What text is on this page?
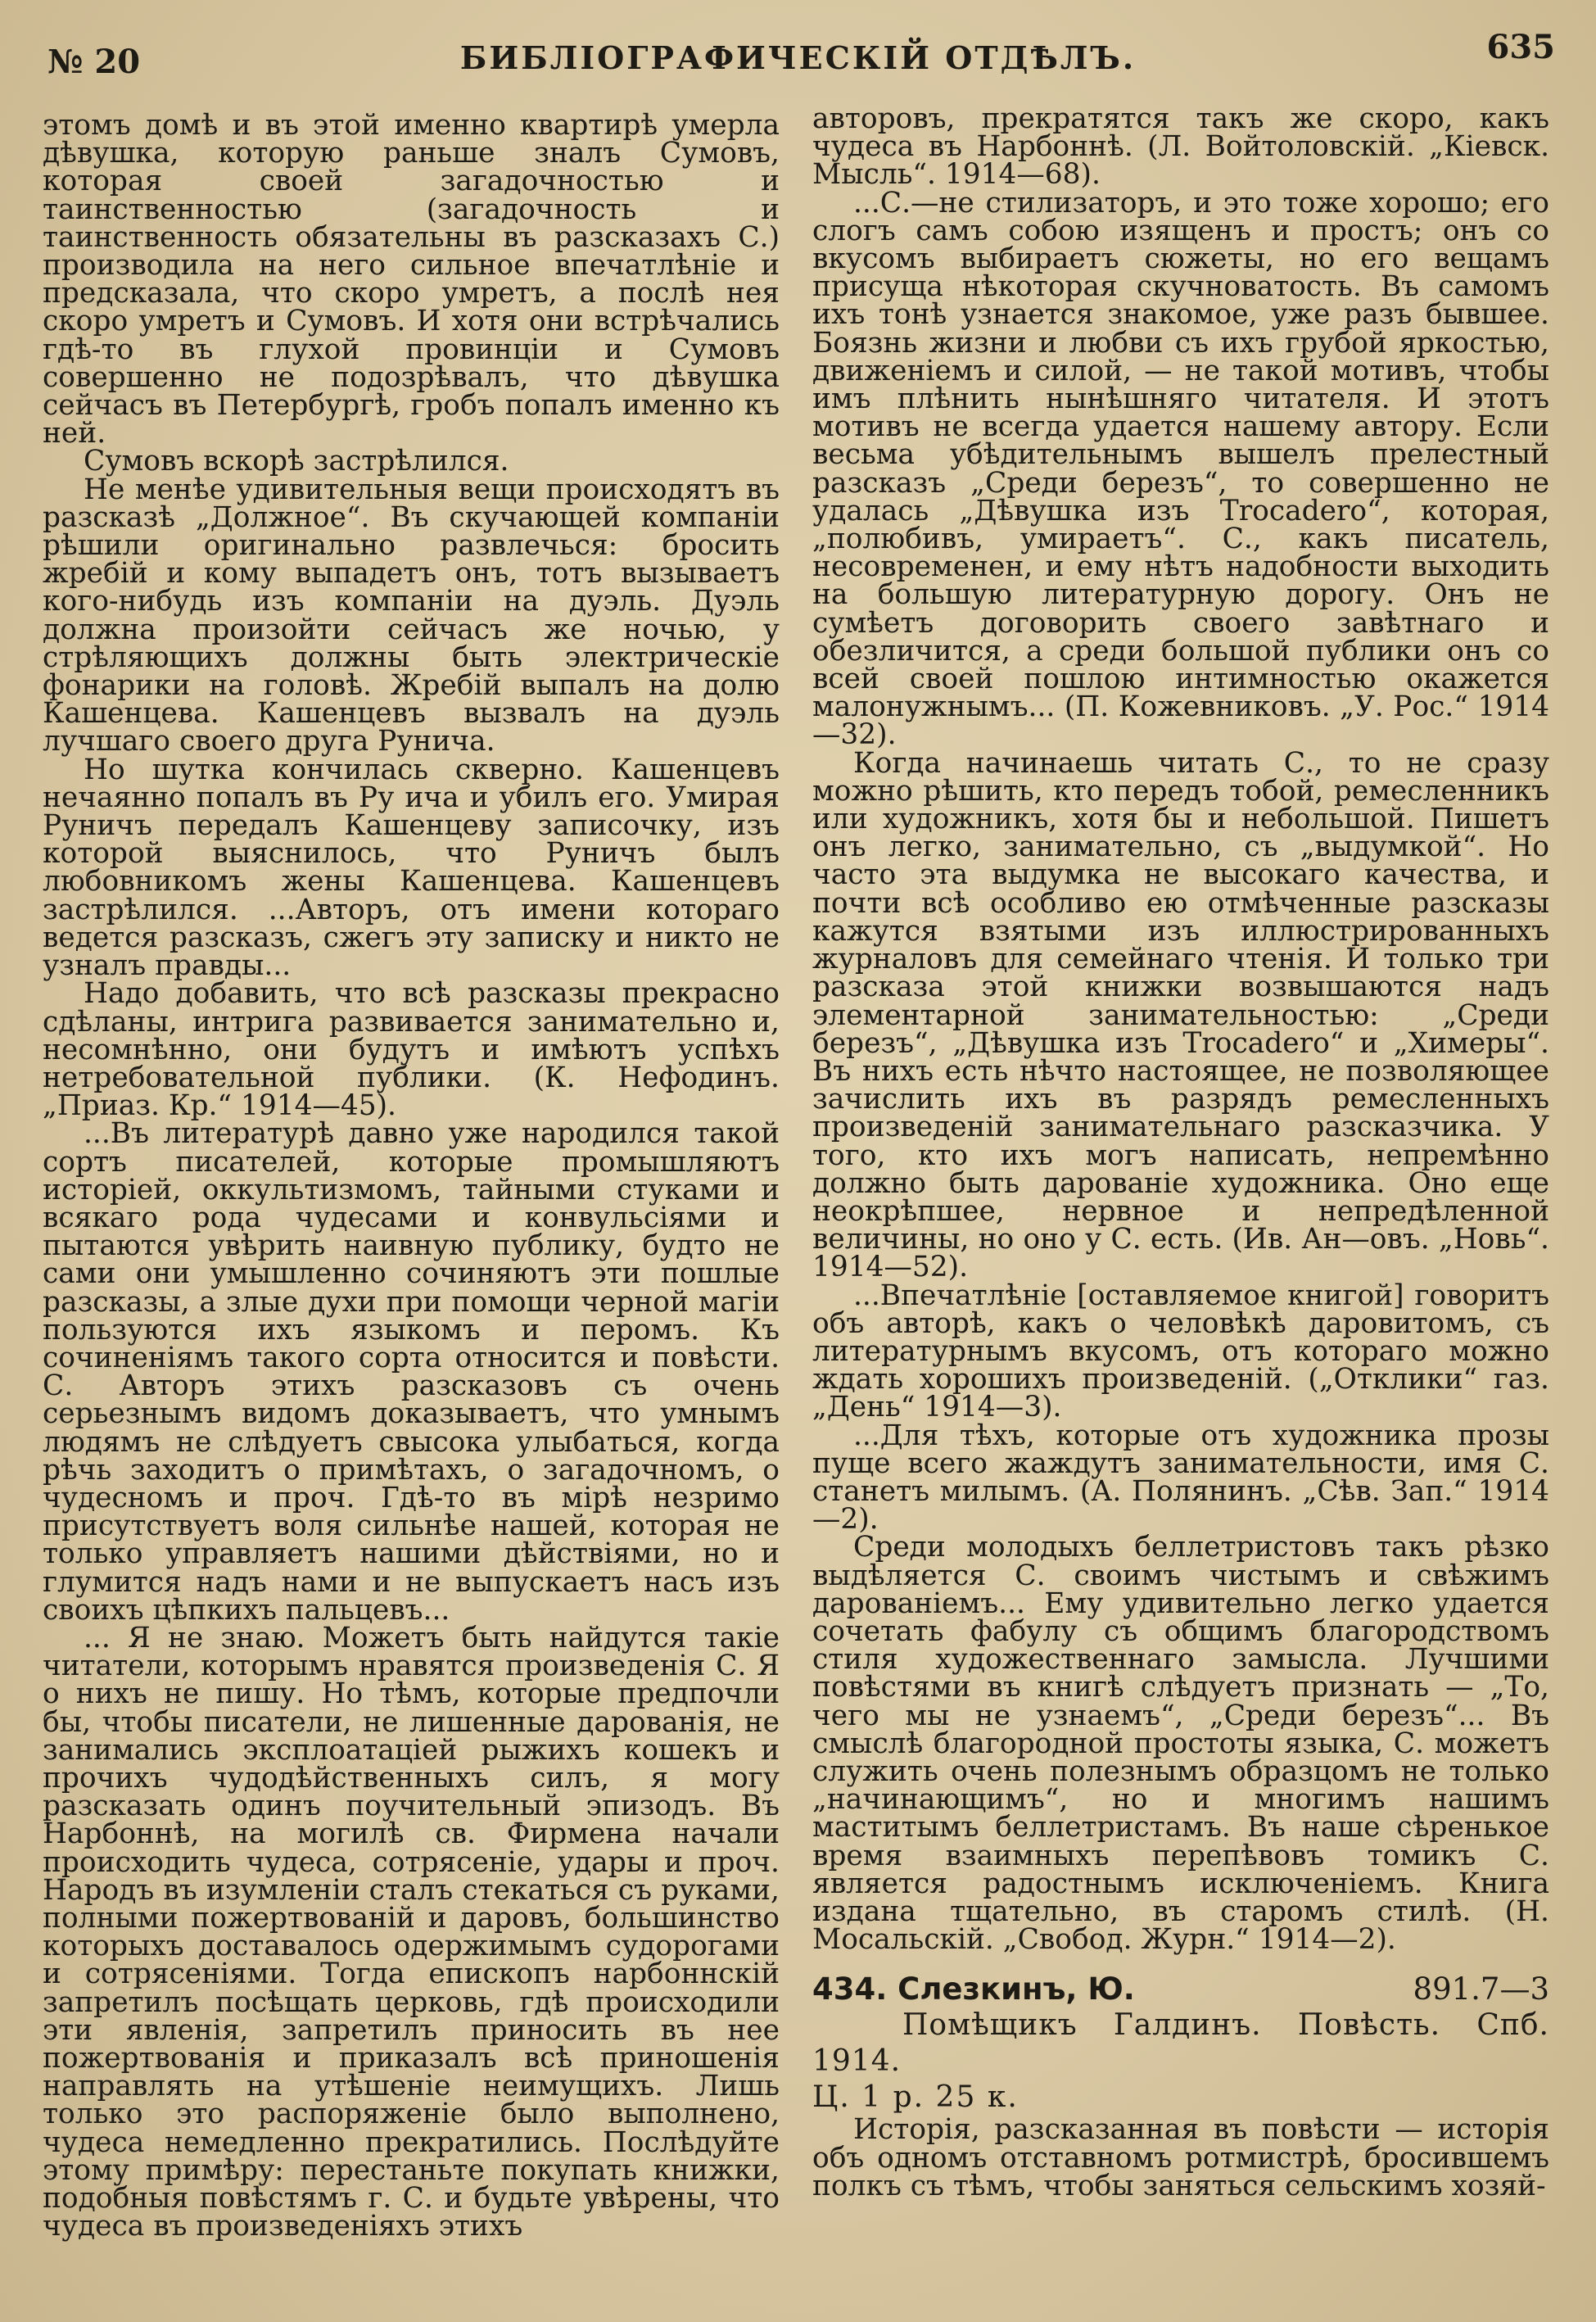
№ 20	БИБЛІОГРАФИЧЕСКІЙ ОТДѢЛЪ.	635

этомъ домѣ и въ этой именно квартирѣ умерла дѣвушка, которую раньше зналъ Сумовъ, которая своей загадочностью и таинственностью (загадочность и таинственность обязательны въ разсказахъ С.) производила на него сильное впечатлѣніе и предсказала, что скоро умретъ, а послѣ нея скоро умретъ и Сумовъ. И хотя они встрѣчались гдѣ-то въ глухой провинціи и Сумовъ совершенно не подозрѣвалъ, что дѣвушка сейчасъ въ Петербургѣ, гробъ попалъ именно къ ней.

Сумовъ вскорѣ застрѣлился.

Не менѣе удивительныя вещи происходятъ въ разсказѣ „Должное“. Въ скучающей компаніи рѣшили оригинально развлечься: бросить жребій и кому выпадетъ онъ, тотъ вызываетъ кого-нибудь изъ компаніи на дуэль. Дуэль должна произойти сейчасъ же ночью, у стрѣляющихъ должны быть электрическіе фонарики на головѣ. Жребій выпалъ на долю Кашенцева. Кашенцевъ вызвалъ на дуэль лучшаго своего друга Рунича.

Но шутка кончилась скверно. Кашенцевъ нечаянно попалъ въ Ру ича и убилъ его. Умирая Руничъ передалъ Кашенцеву записочку, изъ которой выяснилось, что Руничъ былъ любовникомъ жены Кашенцева. Кашенцевъ застрѣлился. ...Авторъ, отъ имени котораго ведется разсказъ, сжегъ эту записку и никто не узналъ правды...

Надо добавить, что всѣ разсказы прекрасно сдѣланы, интрига развивается занимательно и, несомнѣнно, они будутъ и имѣютъ успѣхъ нетребовательной публики. (К. Нефодинъ. „Приаз. Кр.“ 1914—45).

...Въ литературѣ давно уже народился такой сортъ писателей, которые промышляютъ исторіей, оккультизмомъ, тайными стуками и всякаго рода чудесами и конвульсіями и пытаются увѣрить наивную публику, будто не сами они умышленно сочиняютъ эти пошлые разсказы, а злые духи при помощи черной магіи пользуются ихъ языкомъ и перомъ. Къ сочиненіямъ такого сорта относится и повѣсти. С. Авторъ этихъ разсказовъ съ очень серьезнымъ видомъ доказываетъ, что умнымъ людямъ не слѣдуетъ свысока улыбаться, когда рѣчь заходитъ о примѣтахъ, о загадочномъ, о чудесномъ и проч. Гдѣ-то въ мірѣ незримо присутствуетъ воля сильнѣе нашей, которая не только управляетъ нашими дѣйствіями, но и глумится надъ нами и не выпускаетъ насъ изъ своихъ цѣпкихъ пальцевъ...

... Я не знаю. Можетъ быть найдутся такіе читатели, которымъ нравятся произведенія С. Я о нихъ не пишу. Но тѣмъ, которые предпочли бы, чтобы писатели, не лишенные дарованія, не занимались эксплоатаціей рыжихъ кошекъ и прочихъ чудодѣйственныхъ силъ, я могу разсказать одинъ поучительный эпизодъ. Въ Нарбоннѣ, на могилѣ св. Фирмена начали происходить чудеса, сотрясеніе, удары и проч. Народъ въ изумленіи сталъ стекаться съ руками, полными пожертвованій и даровъ, большинство которыхъ доставалось одержимымъ судорогами и сотрясеніями. Тогда епископъ нарбоннскій запретилъ посѣщать церковь, гдѣ происходили эти явленія, запретилъ приносить въ нее пожертвованія и приказалъ всѣ приношенія направлять на утѣшеніе неимущихъ. Лишь только это распоряженіе было выполнено, чудеса немедленно прекратились. Послѣдуйте этому примѣру: перестаньте покупать книжки, подобныя повѣстямъ г. С. и будьте увѣрены, что чудеса въ произведеніяхъ этихъ

авторовъ, прекратятся такъ же скоро, какъ чудеса въ Нарбоннѣ. (Л. Войтоловскій. „Кіевск. Мысль“. 1914—68).

...С.—не стилизаторъ, и это тоже хорошо; его слогъ самъ собою изященъ и простъ; онъ со вкусомъ выбираетъ сюжеты, но его вещамъ присуща нѣкоторая скучноватость. Въ самомъ ихъ тонѣ узнается знакомое, уже разъ бывшее. Боязнь жизни и любви съ ихъ грубой яркостью, движеніемъ и силой, — не такой мотивъ, чтобы имъ плѣнить нынѣшняго читателя. И этотъ мотивъ не всегда удается нашему автору. Если весьма убѣдительнымъ вышелъ прелестный разсказъ „Среди березъ“, то совершенно не удалась „Дѣвушка изъ Trocadero“, которая, „полюбивъ, умираетъ“. С., какъ писатель, несовременен, и ему нѣтъ надобности выходить на большую литературную дорогу. Онъ не сумѣетъ договорить своего завѣтнаго и обезличится, а среди большой публики онъ со всей своей пошлою интимностью окажется малонужнымъ... (П. Кожевниковъ. „У. Рос.“ 1914—32).

Когда начинаешь читать С., то не сразу можно рѣшить, кто передъ тобой, ремесленникъ или художникъ, хотя бы и небольшой. Пишетъ онъ легко, занимательно, съ „выдумкой“. Но часто эта выдумка не высокаго качества, и почти всѣ особливо ею отмѣченные разсказы кажутся взятыми изъ иллюстрированныхъ журналовъ для семейнаго чтенія. И только три разсказа этой книжки возвышаются надъ элементарной занимательностью: „Среди березъ“, „Дѣвушка изъ Trocadero“ и „Химеры“. Въ нихъ есть нѣчто настоящее, не позволяющее зачислить ихъ въ разрядъ ремесленныхъ произведеній занимательнаго разсказчика. У того, кто ихъ могъ написать, непремѣнно должно быть дарованіе художника. Оно еще неокрѣпшее, нервное и непредѣленной величины, но оно у С. есть. (Ив. Ан—овъ. „Новь“. 1914—52).

...Впечатлѣніе [оставляемое книгой] говоритъ объ авторѣ, какъ о человѣкѣ даровитомъ, съ литературнымъ вкусомъ, отъ котораго можно ждать хорошихъ произведеній. („Отклики“ газ. „День“ 1914—3).

...Для тѣхъ, которые отъ художника прозы пуще всего жаждутъ занимательности, имя С. станетъ милымъ. (А. Полянинъ. „Сѣв. Зап.“ 1914—2).

Среди молодыхъ беллетристовъ такъ рѣзко выдѣляется С. своимъ чистымъ и свѣжимъ дарованіемъ... Ему удивительно легко удается сочетать фабулу съ общимъ благородствомъ стиля художественнаго замысла. Лучшими повѣстями въ книгѣ слѣдуетъ признать — „То, чего мы не узнаемъ“, „Среди березъ“... Въ смыслѣ благородной простоты языка, С. можетъ служить очень полезнымъ образцомъ не только „начинающимъ“, но и многимъ нашимъ маститымъ беллетристамъ. Въ наше сѣренькое время взаимныхъ перепѣвовъ томикъ С. является радостнымъ исключеніемъ. Книга издана тщательно, въ старомъ стилѣ. (Н. Мосальскій. „Свобод. Журн.“ 1914—2).

434. Слезкинъ, Ю.	891.7—3
Помѣщикъ Галдинъ. Повѣсть. Спб. 1914.
Ц. 1 р. 25 к.

Исторія, разсказанная въ повѣсти — исторія объ одномъ отставномъ ротмистрѣ, бросившемъ полкъ съ тѣмъ, чтобы заняться сельскимъ хозяй-
